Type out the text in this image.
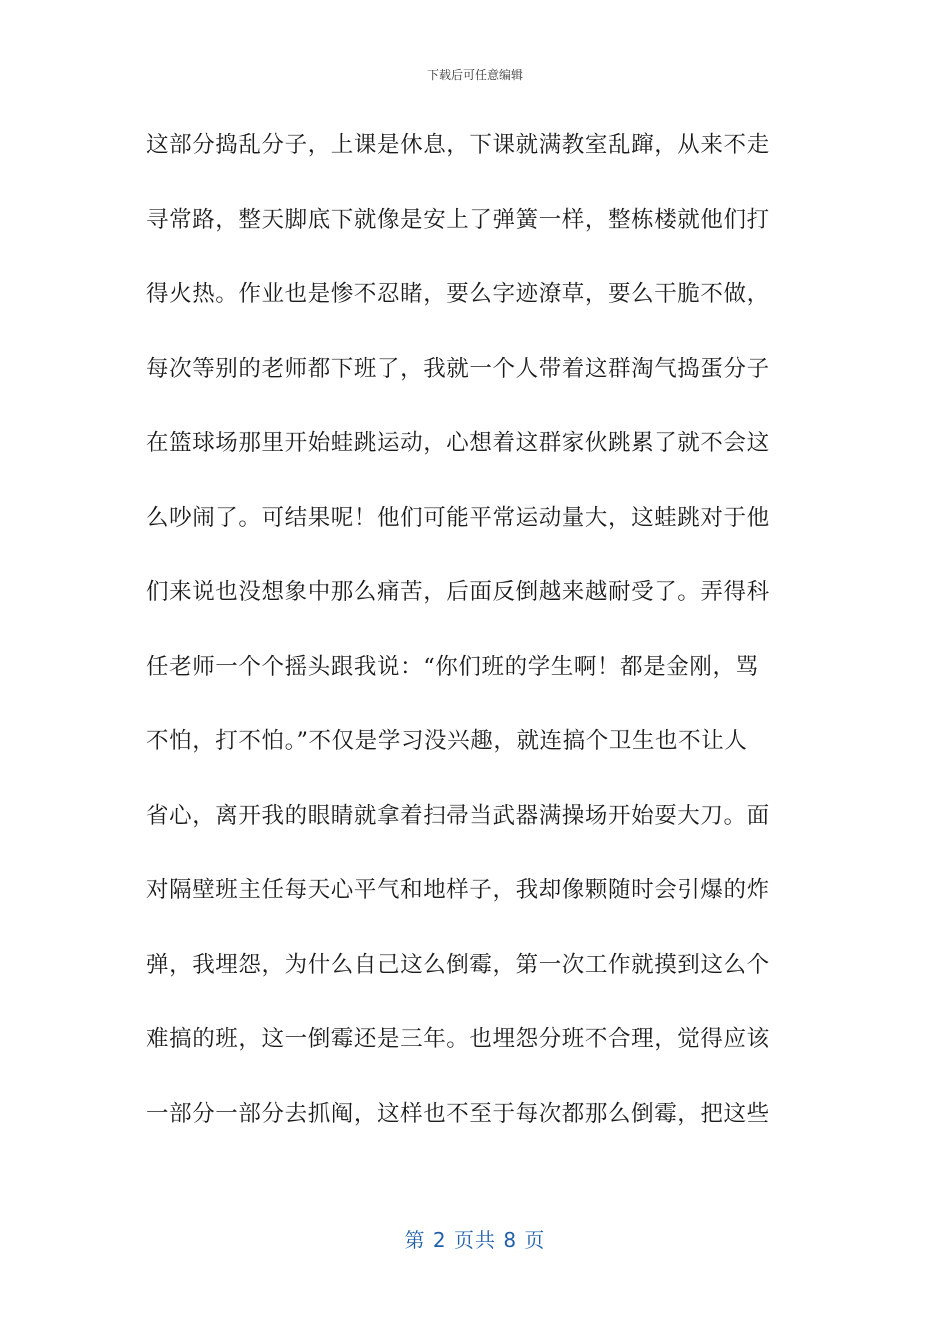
下载后可任意编辑
这部分捣乱分子，上课是休息，下课就满教室乱蹿，从来不走
寻常路，整天脚底下就像是安上了弹簧一样，整栋楼就他们打
得火热。作业也是惨不忍睹，要么字迹潦草，要么干脆不做，
每次等别的老师都下班了，我就一个人带着这群淘气捣蛋分子
在篮球场那里开始蛙跳运动，心想着这群家伙跳累了就不会这
么吵闹了。可结果呢！他们可能平常运动量大，这蛙跳对于他
们来说也没想象中那么痛苦，后面反倒越来越耐受了。弄得科
任老师一个个摇头跟我说：“你们班的学生啊！都是金刚，骂
不怕，打不怕。”不仅是学习没兴趣，就连搞个卫生也不让人
省心，离开我的眼睛就拿着扫帚当武器满操场开始耍大刀。面
对隔壁班主任每天心平气和地样子，我却像颗随时会引爆的炸
弹，我埋怨，为什么自己这么倒霉，第一次工作就摸到这么个
难搞的班，这一倒霉还是三年。也埋怨分班不合理，觉得应该
一部分一部分去抓阄，这样也不至于每次都那么倒霉，把这些
第 2 页共 8 页
